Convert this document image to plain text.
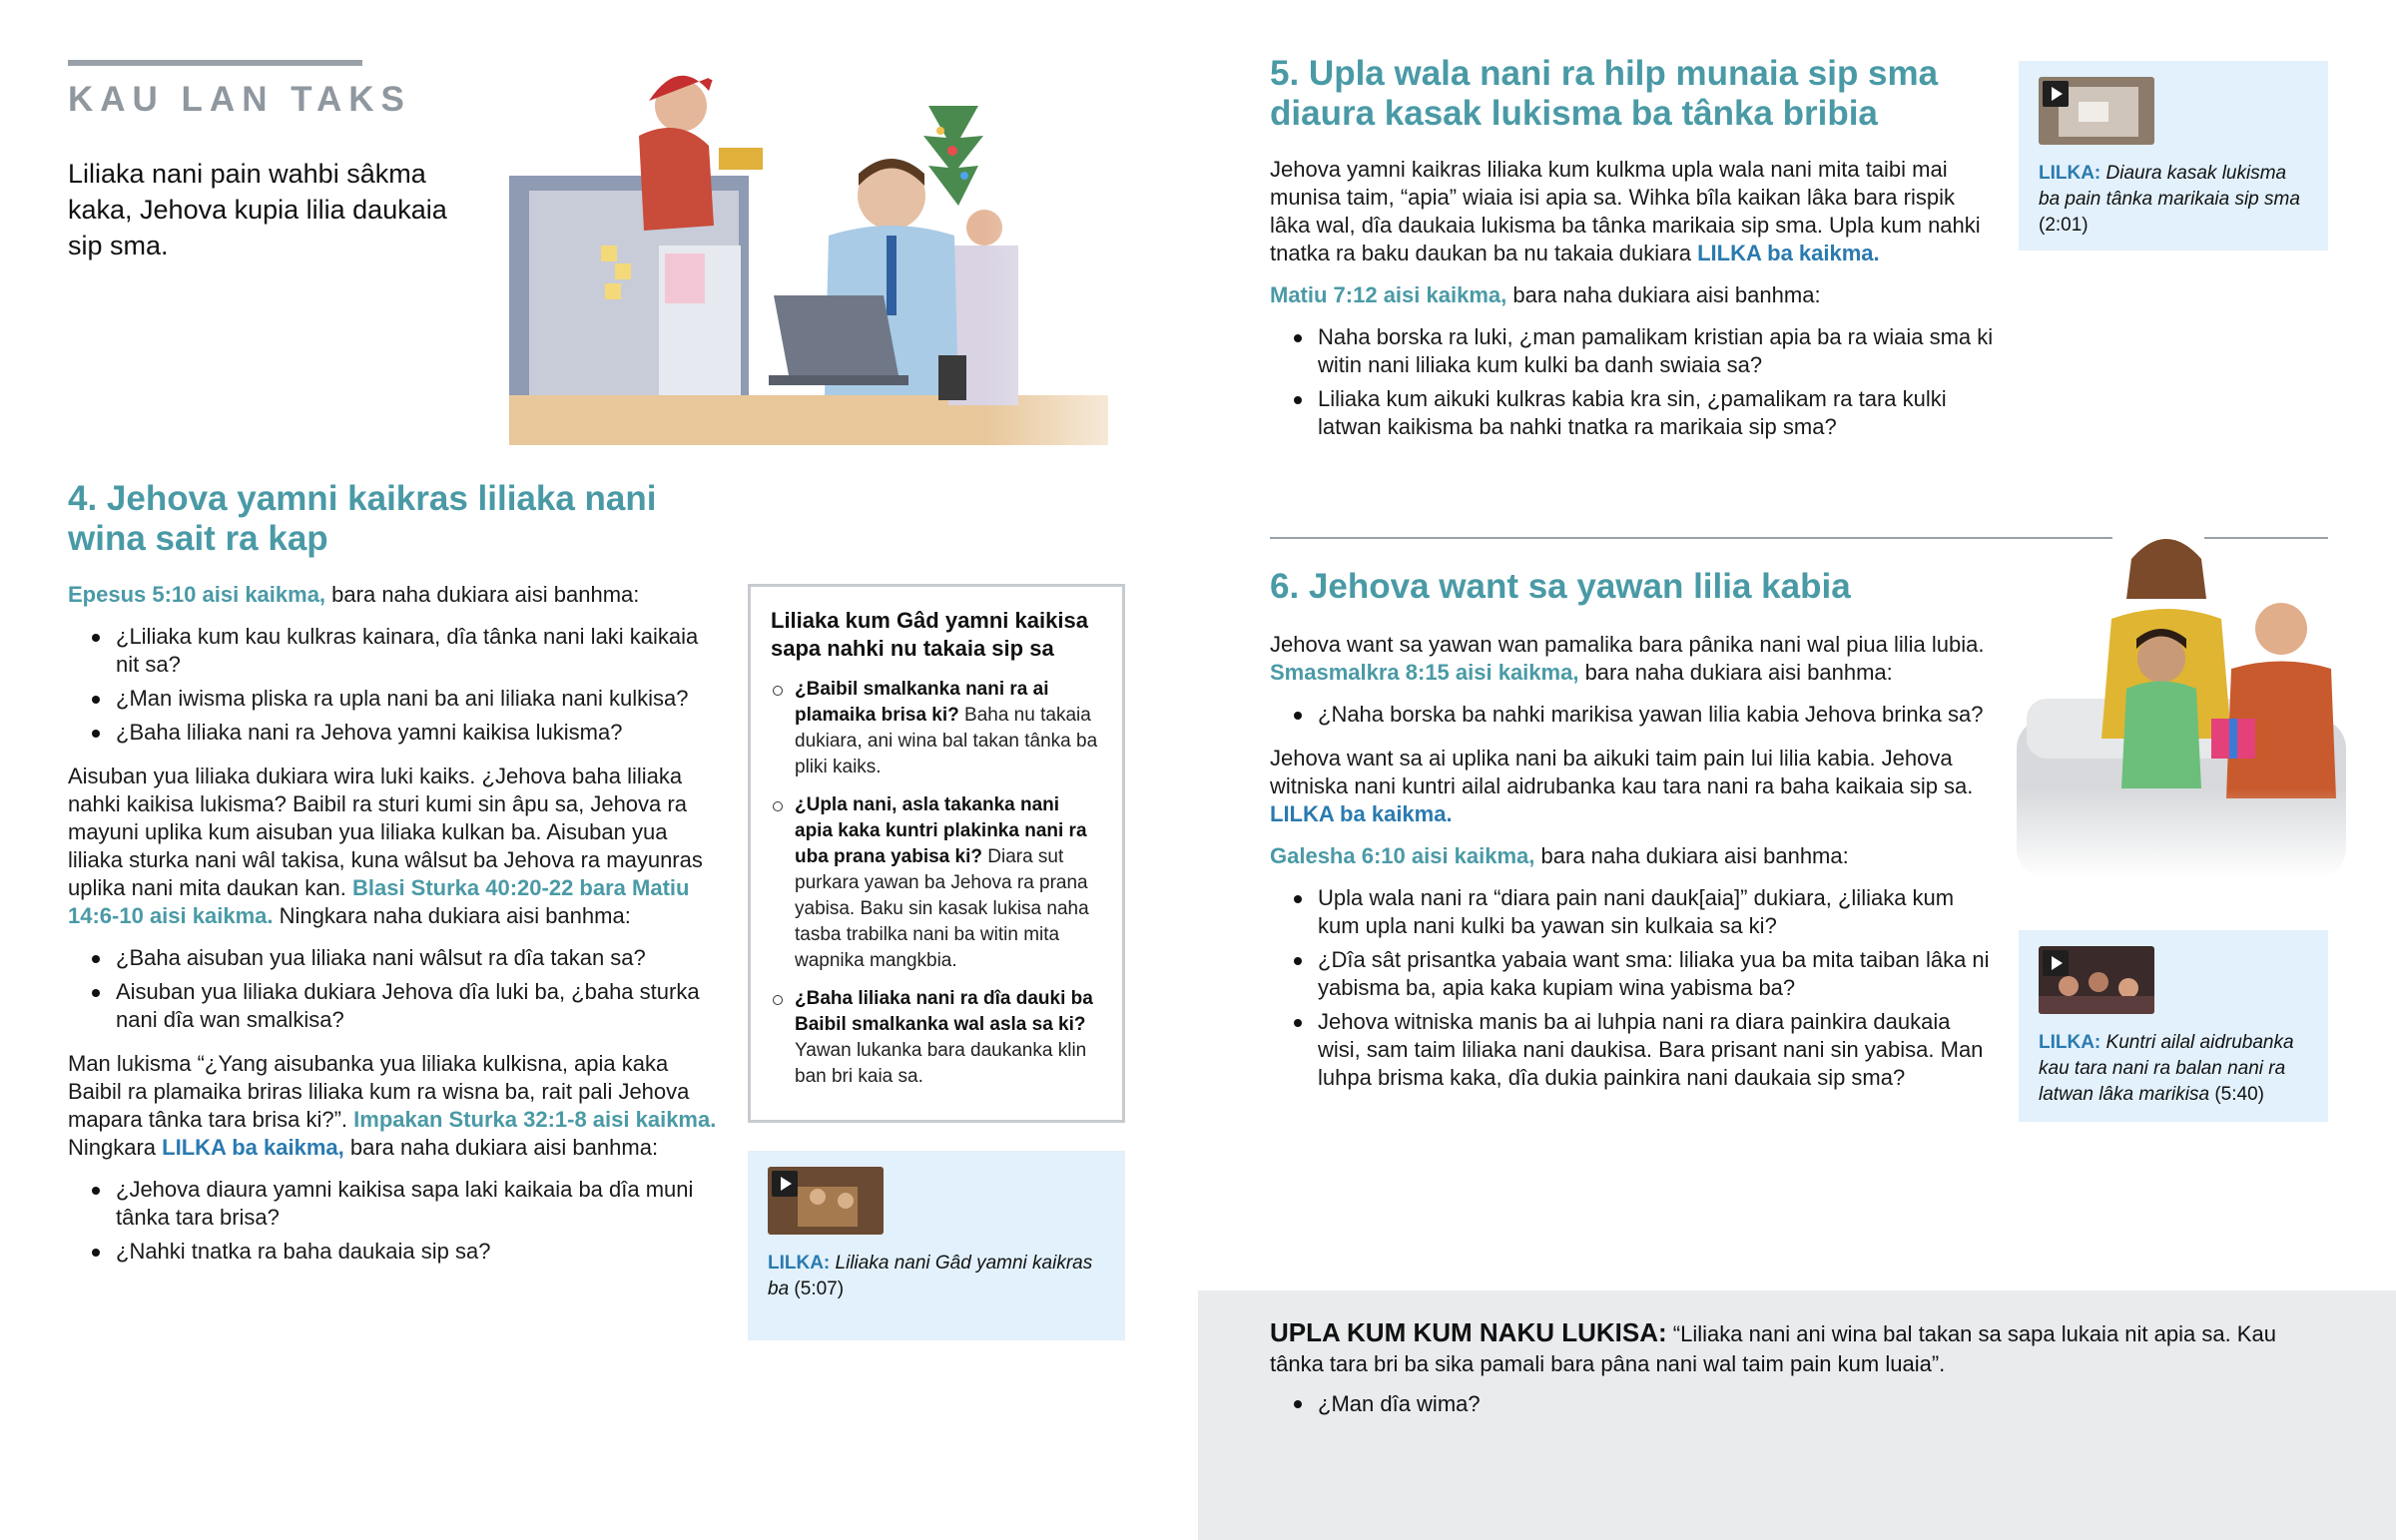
KAU LAN TAKS
Liliaka nani pain wahbi sâkma kaka, Jehova kupia lilia daukaia sip sma.
4. Jehova yamni kaikras liliaka nani wina sait ra kap

Epesus 5:10 aisi kaikma, bara naha dukiara aisi banhma:

¿Liliaka kum kau kulkras kainara, dîa tânka nani laki kaikaia nit sa?
¿Man iwisma pliska ra upla nani ba ani liliaka nani kulkisa?
¿Baha liliaka nani ra Jehova yamni kaikisa lukisma?

Aisuban yua liliaka dukiara wira luki kaiks. ¿Jehova baha liliaka nahki kaikisa lukisma? Baibil ra sturi kumi sin âpu sa, Jehova ra mayuni uplika kum aisuban yua liliaka kulkan ba. Aisuban yua liliaka sturka nani wâl takisa, kuna wâlsut ba Jehova ra mayunras uplika nani mita daukan kan. Blasi Sturka 40:20-22 bara Matiu 14:6-10 aisi kaikma. Ningkara naha dukiara aisi banhma:

¿Baha aisuban yua liliaka nani wâlsut ra dîa takan sa?
Aisuban yua liliaka dukiara Jehova dîa luki ba, ¿baha sturka nani dîa wan smalkisa?

Man lukisma “¿Yang aisubanka yua liliaka kulkisna, apia kaka Baibil ra plamaika briras liliaka kum ra wisna ba, rait pali Jehova mapara tânka tara brisa ki?”. Impakan Sturka 32:1-8 aisi kaikma. Ningkara LILKA ba kaikma, bara naha dukiara aisi banhma:

¿Jehova diaura yamni kaikisa sapa laki kaikaia ba dîa muni tânka tara brisa?
¿Nahki tnatka ra baha daukaia sip sa?
Liliaka kum Gâd yamni kaikisa sapa nahki nu takaia sip sa
¿Baibil smalkanka nani ra ai plamaika brisa ki? Baha nu takaia dukiara, ani wina bal takan tânka ba pliki kaiks.
¿Upla nani, asla takanka nani apia kaka kuntri plakinka nani ra uba prana yabisa ki? Diara sut purkara yawan ba Jehova ra prana yabisa. Baku sin kasak lukisa naha tasba trabilka nani ba witin mita wapnika mangkbia.
¿Baha liliaka nani ra dîa dauki ba Baibil smalkanka wal asla sa ki? Yawan lukanka bara daukanka klin ban bri kaia sa.
LILKA: Liliaka nani Gâd yamni kaikras ba (5:07)
5. Upla wala nani ra hilp munaia sip sma diaura kasak lukisma ba tânka bribia

Jehova yamni kaikras liliaka kum kulkma upla wala nani mita taibi mai munisa taim, “apia” wiaia isi apia sa. Wihka bîla kaikan lâka bara rispik lâka wal, dîa daukaia lukisma ba tânka marikaia sip sma. Upla kum nahki tnatka ra baku daukan ba nu takaia dukiara LILKA ba kaikma.

Matiu 7:12 aisi kaikma, bara naha dukiara aisi banhma:

Naha borska ra luki, ¿man pamalikam kristian apia ba ra wiaia sma ki witin nani liliaka kum kulki ba danh swiaia sa?
Liliaka kum aikuki kulkras kabia kra sin, ¿pamalikam ra tara kulki latwan kaikisma ba nahki tnatka ra marikaia sip sma?
LILKA: Diaura kasak lukisma ba pain tânka marikaia sip sma (2:01)
6. Jehova want sa yawan lilia kabia

Jehova want sa yawan wan pamalika bara pânika nani wal piua lilia lubia. Smasmalkra 8:15 aisi kaikma, bara naha dukiara aisi banhma:

¿Naha borska ba nahki marikisa yawan lilia kabia Jehova brinka sa?

Jehova want sa ai uplika nani ba aikuki taim pain lui lilia kabia. Jehova witniska nani kuntri ailal aidrubanka kau tara nani ra baha kaikaia sip sa. LILKA ba kaikma.

Galesha 6:10 aisi kaikma, bara naha dukiara aisi banhma:

Upla wala nani ra “diara pain nani dauk[aia]” dukiara, ¿liliaka kum kum upla nani kulki ba yawan sin kulkaia sa ki?
¿Dîa sât prisantka yabaia want sma: liliaka yua ba mita taiban lâka ni yabisma ba, apia kaka kupiam wina yabisma ba?
Jehova witniska manis ba ai luhpia nani ra diara painkira daukaia wisi, sam taim liliaka nani daukisa. Bara prisant nani sin yabisa. Man luhpa brisma kaka, dîa dukia painkira nani daukaia sip sma?
LILKA: Kuntri ailal aidrubanka kau tara nani ra balan nani ra latwan lâka marikisa (5:40)

UPLA KUM KUM NAKU LUKISA: “Liliaka nani ani wina bal takan sa sapa lukaia nit apia sa. Kau tânka tara bri ba sika pamali bara pâna nani wal taim pain kum luaia”.

¿Man dîa wima?
